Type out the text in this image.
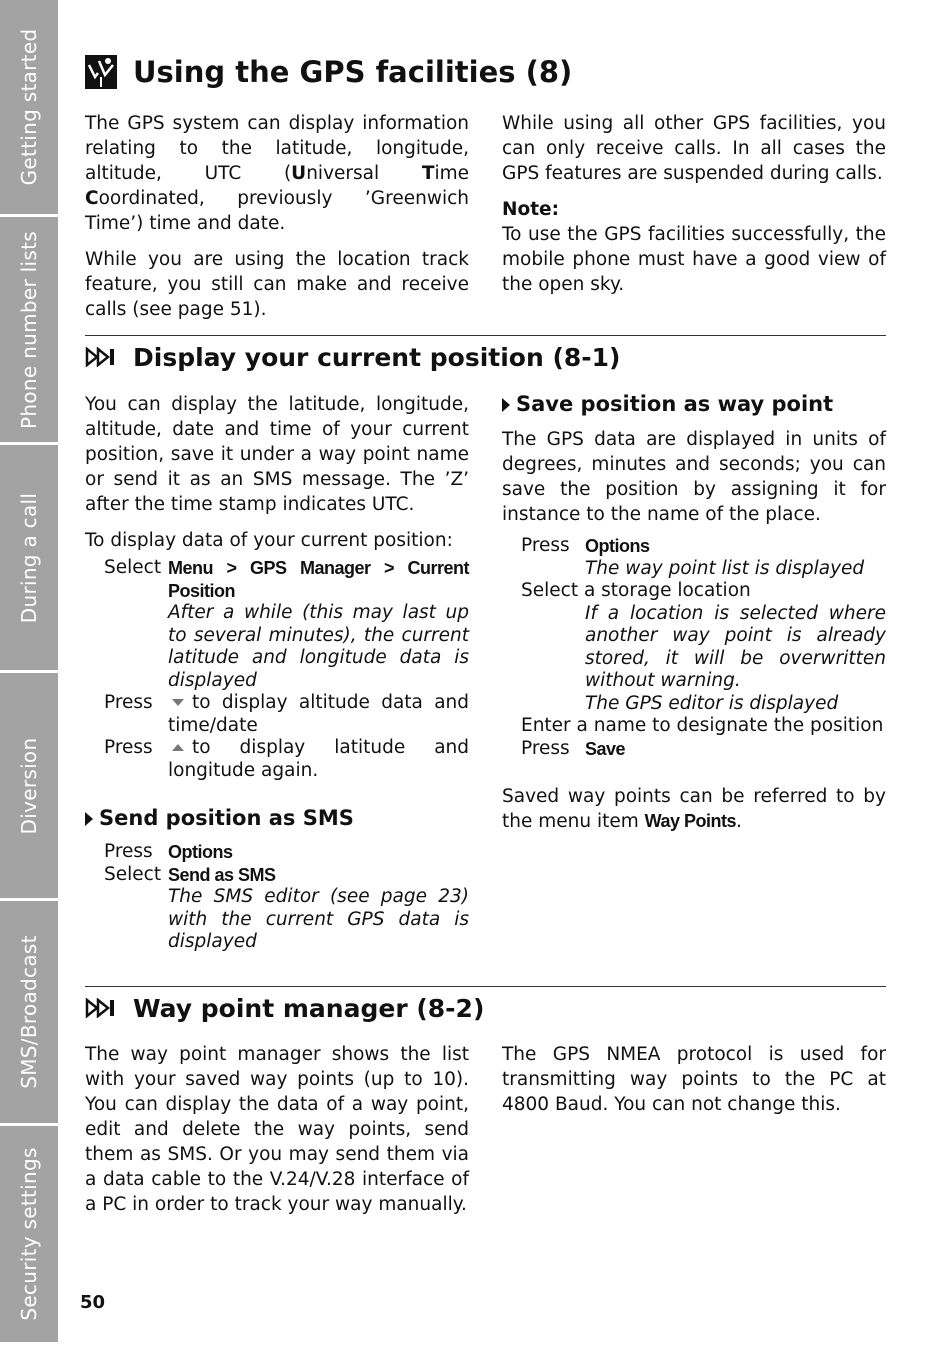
Getting started
Phone number lists
During a call
Diversion
SMS/Broadcast
Security settings
Using the GPS facilities (8)

The GPS system can display information relating to the latitude, longitude, altitude, UTC (Universal Time Coordinated, previously ’Greenwich Time’) time and date.

While you are using the location track feature, you still can make and receive calls (see page 51).

While using all other GPS facilities, you can only receive calls. In all cases the GPS features are suspended during calls.

Note:
To use the GPS facilities successfully, the mobile phone must have a good view of the open sky.
Display your current position (8-1)

You can display the latitude, longitude, altitude, date and time of your current position, save it under a way point name or send it as an SMS message. The ’Z’ after the time stamp indicates UTC.

To display data of your current position:

Select Menu > GPS Manager > Current Position
After a while (this may last up to several minutes), the current latitude and longitude data is displayed
Press	to display altitude data and time/date
Press	to display latitude and longitude again.
Send position as SMS
Press Options
Select Send as SMS
The SMS editor (see page 23) with the current GPS data is displayed
Save position as way point

The GPS data are displayed in units of degrees, minutes and seconds; you can save the position by assigning it for instance to the name of the place.

Press Options
The way point list is displayed
Select a storage location
If a location is selected where another way point is already stored, it will be overwritten without warning.
The GPS editor is displayed
Enter a name to designate the position
Press Save

Saved way points can be referred to by the menu item Way Points.

Way point manager (8-2)

The way point manager shows the list with your saved way points (up to 10). You can display the data of a way point, edit and delete the way points, send them as SMS. Or you may send them via a data cable to the V.24/V.28 interface of a PC in order to track your way manually.

The GPS NMEA protocol is used for transmitting way points to the PC at 4800 Baud. You can not change this.

50
